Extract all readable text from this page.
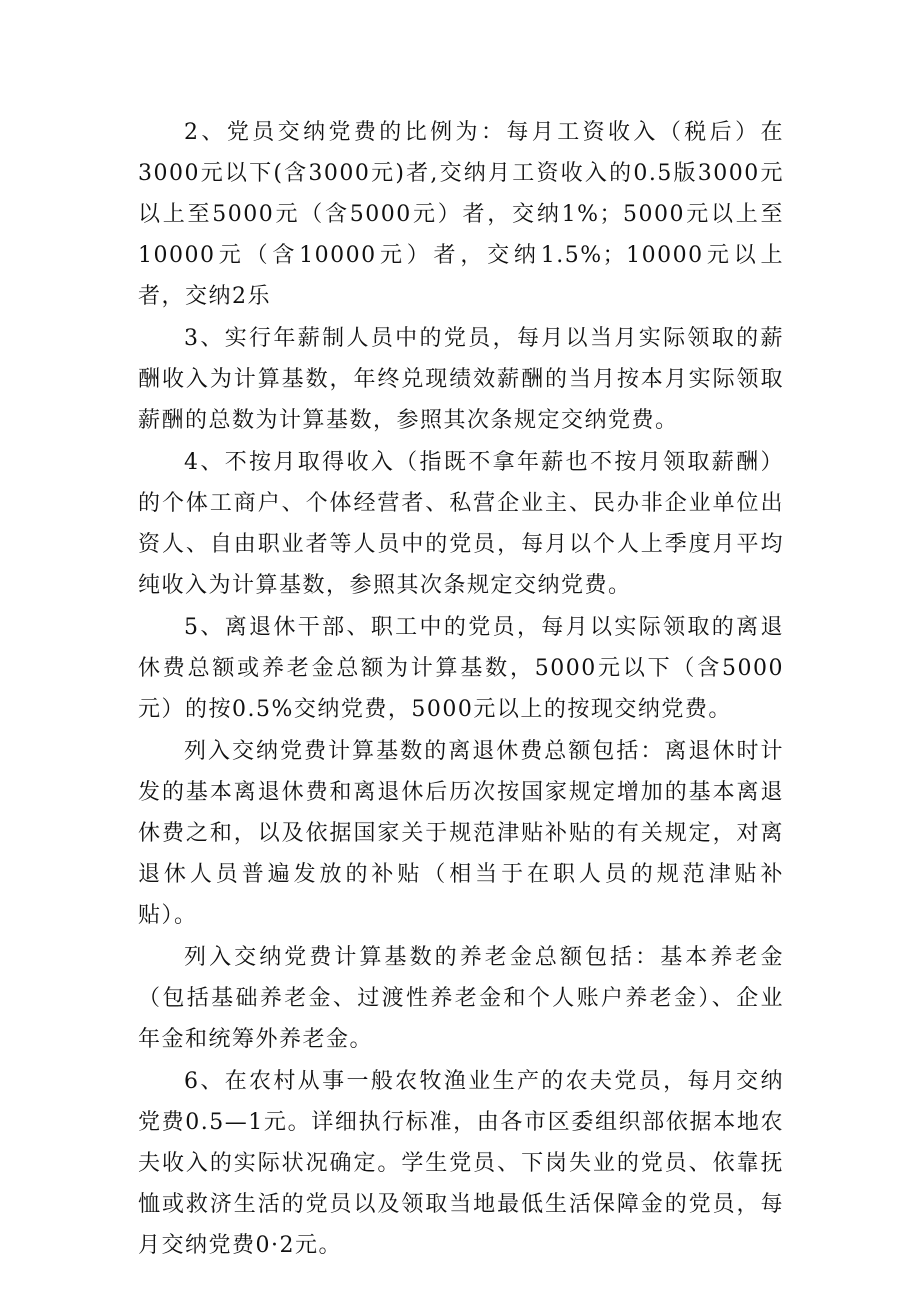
2、党员交纳党费的比例为：每月工资收入（税后）在3000元以下(含3000元)者,交纳月工资收入的0.5版3000元以上至5000元（含5000元）者，交纳1%；5000元以上至10000元（含10000元）者，交纳1.5%；10000元以上者，交纳2乐

3、实行年薪制人员中的党员，每月以当月实际领取的薪酬收入为计算基数，年终兑现绩效薪酬的当月按本月实际领取薪酬的总数为计算基数，参照其次条规定交纳党费。

4、不按月取得收入（指既不拿年薪也不按月领取薪酬）的个体工商户、个体经营者、私营企业主、民办非企业单位出资人、自由职业者等人员中的党员，每月以个人上季度月平均纯收入为计算基数，参照其次条规定交纳党费。

5、离退休干部、职工中的党员，每月以实际领取的离退休费总额或养老金总额为计算基数，5000元以下（含5000元）的按0.5%交纳党费，5000元以上的按现交纳党费。

列入交纳党费计算基数的离退休费总额包括：离退休时计发的基本离退休费和离退休后历次按国家规定增加的基本离退休费之和，以及依据国家关于规范津贴补贴的有关规定，对离退休人员普遍发放的补贴（相当于在职人员的规范津贴补贴）。

列入交纳党费计算基数的养老金总额包括：基本养老金（包括基础养老金、过渡性养老金和个人账户养老金）、企业年金和统筹外养老金。

6、在农村从事一般农牧渔业生产的农夫党员，每月交纳党费0.5—1元。详细执行标准，由各市区委组织部依据本地农夫收入的实际状况确定。学生党员、下岗失业的党员、依靠抚恤或救济生活的党员以及领取当地最低生活保障金的党员，每月交纳党费0·2元。
